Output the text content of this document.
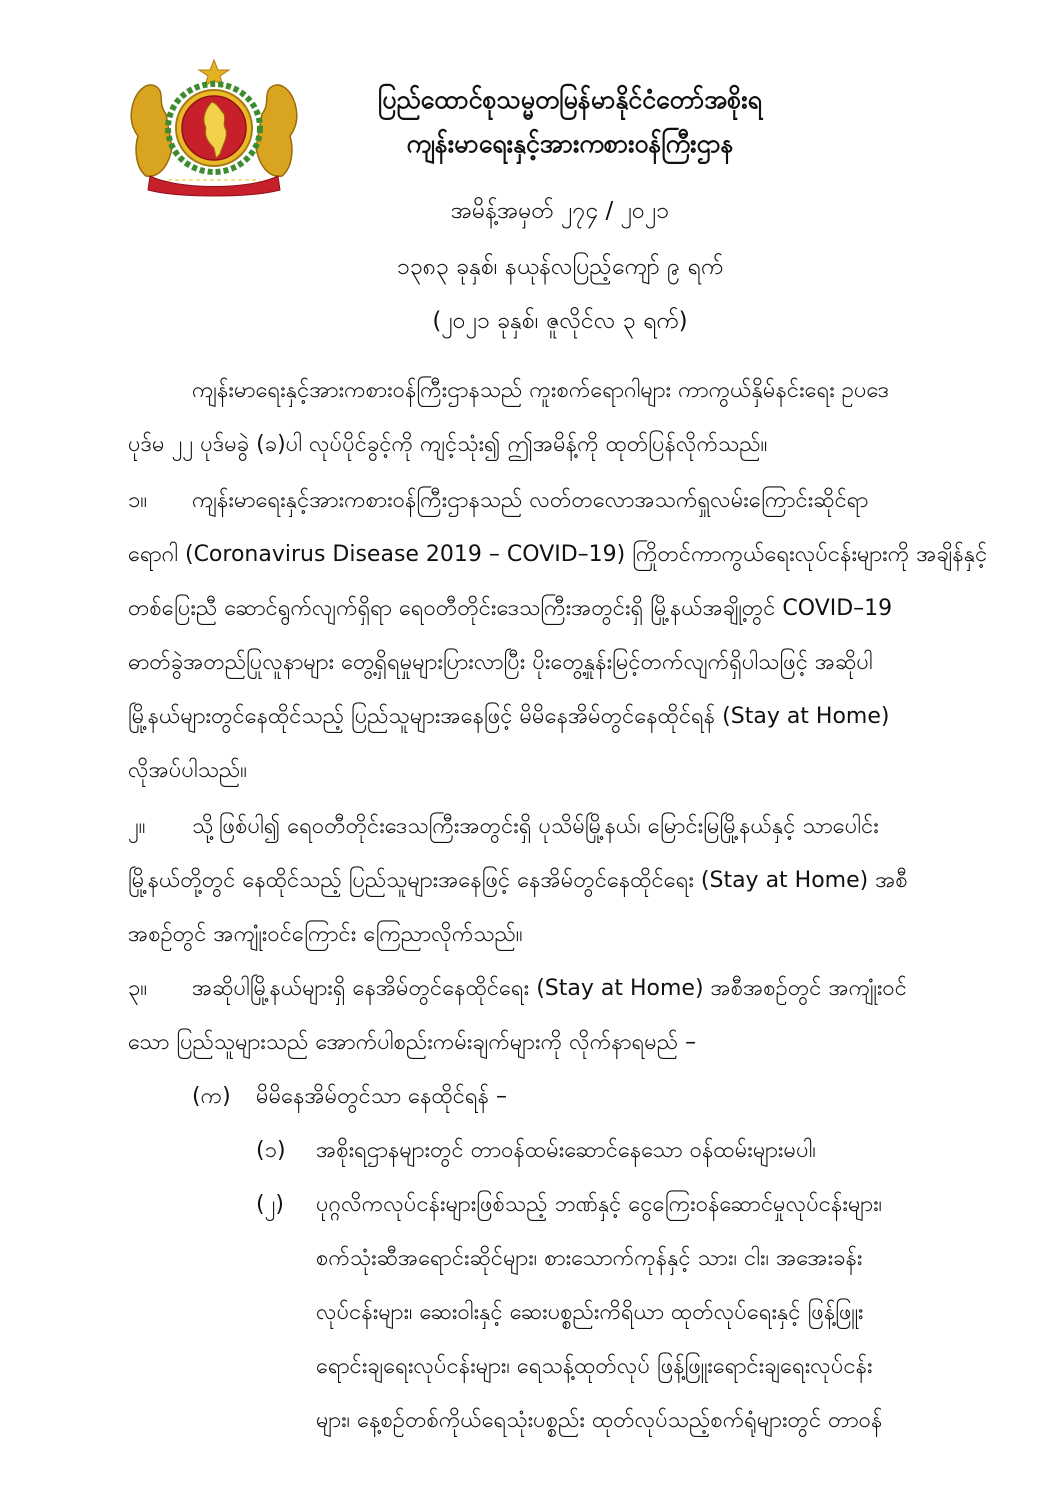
ပြည်ထောင်စုသမ္မတမြန်မာနိုင်ငံတော်အစိုးရ
ကျန်းမာရေးနှင့်အားကစားဝန်ကြီးဌာန
အမိန့်အမှတ် ၂၇၄ / ၂၀၂၁
၁၃၈၃ ခုနှစ်၊ နယုန်လပြည့်ကျော် ၉ ရက်
(၂၀၂၁ ခုနှစ်၊ ဇူလိုင်လ ၃ ရက်)
ကျန်းမာရေးနှင့်အားကစားဝန်ကြီးဌာနသည် ကူးစက်ရောဂါများ ကာကွယ်နှိမ်နင်းရေး ဥပဒေ
ပုဒ်မ ၂၂ ပုဒ်မခွဲ (ခ)ပါ လုပ်ပိုင်ခွင့်ကို ကျင့်သုံး၍ ဤအမိန့်ကို ထုတ်ပြန်လိုက်သည်။
၁။ ကျန်းမာရေးနှင့်အားကစားဝန်ကြီးဌာနသည် လတ်တလောအသက်ရှူလမ်းကြောင်းဆိုင်ရာ
ရောဂါ (Coronavirus Disease 2019 – COVID–19) ကြိုတင်ကာကွယ်ရေးလုပ်ငန်းများကို အချိန်နှင့်
တစ်ပြေးညီ ဆောင်ရွက်လျက်ရှိရာ ရေဝတီတိုင်းဒေသကြီးအတွင်းရှိ မြို့နယ်အချို့တွင် COVID–19
ဓာတ်ခွဲအတည်ပြုလူနာများ တွေ့ရှိရမှုများပြားလာပြီး ပိုးတွေ့နှုန်းမြင့်တက်လျက်ရှိပါသဖြင့် အဆိုပါ
မြို့နယ်များတွင်နေထိုင်သည့် ပြည်သူများအနေဖြင့် မိမိနေအိမ်တွင်နေထိုင်ရန် (Stay at Home)
လိုအပ်ပါသည်။
၂။ သို့ဖြစ်ပါ၍ ရေဝတီတိုင်းဒေသကြီးအတွင်းရှိ ပုသိမ်မြို့နယ်၊ မြောင်းမြမြို့နယ်နှင့် သာပေါင်း
မြို့နယ်တို့တွင် နေထိုင်သည့် ပြည်သူများအနေဖြင့် နေအိမ်တွင်နေထိုင်ရေး (Stay at Home) အစီ
အစဉ်တွင် အကျုံးဝင်ကြောင်း ကြေညာလိုက်သည်။
၃။ အဆိုပါမြို့နယ်များရှိ နေအိမ်တွင်နေထိုင်ရေး (Stay at Home) အစီအစဉ်တွင် အကျုံးဝင်
သော ပြည်သူများသည် အောက်ပါစည်းကမ်းချက်များကို လိုက်နာရမည် –
(က) မိမိနေအိမ်တွင်သာ နေထိုင်ရန် –
(၁) အစိုးရဌာနများတွင် တာဝန်ထမ်းဆောင်နေသော ဝန်ထမ်းများမပါ၊
(၂) ပုဂ္ဂလိကလုပ်ငန်းများဖြစ်သည့် ဘဏ်နှင့် ငွေကြေးဝန်ဆောင်မှုလုပ်ငန်းများ၊
စက်သုံးဆီအရောင်းဆိုင်များ၊ စားသောက်ကုန်နှင့် သား၊ ငါး၊ အအေးခန်း
လုပ်ငန်းများ၊ ဆေးဝါးနှင့် ဆေးပစ္စည်းကိရိယာ ထုတ်လုပ်ရေးနှင့် ဖြန့်ဖြူး
ရောင်းချရေးလုပ်ငန်းများ၊ ရေသန့်ထုတ်လုပ် ဖြန့်ဖြူးရောင်းချရေးလုပ်ငန်း
များ၊ နေ့စဉ်တစ်ကိုယ်ရေသုံးပစ္စည်း ထုတ်လုပ်သည့်စက်ရုံများတွင် တာဝန်
